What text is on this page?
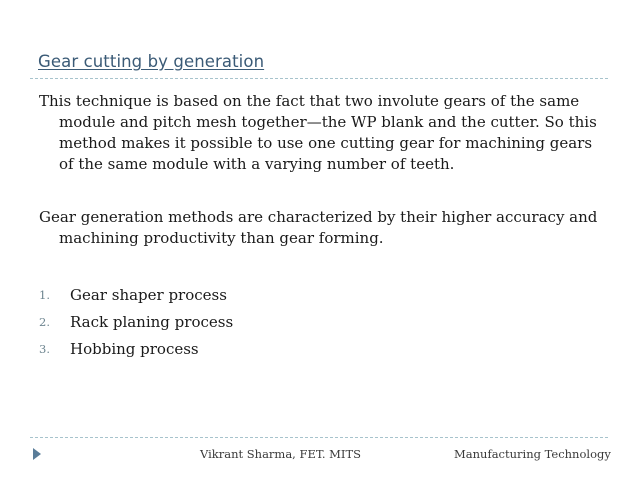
Gear cutting by generation
This technique is based on the fact that two involute gears of the same module and pitch mesh together—the WP blank and the cutter. So this method makes it possible to use one cutting gear for machining gears of the same module with a varying number of teeth.
Gear generation methods are characterized by their higher accuracy and machining productivity than gear forming.
1.	Gear shaper process
2.	Rack planing process
3.	Hobbing process
Vikrant Sharma, FET. MITS	Manufacturing Technology
